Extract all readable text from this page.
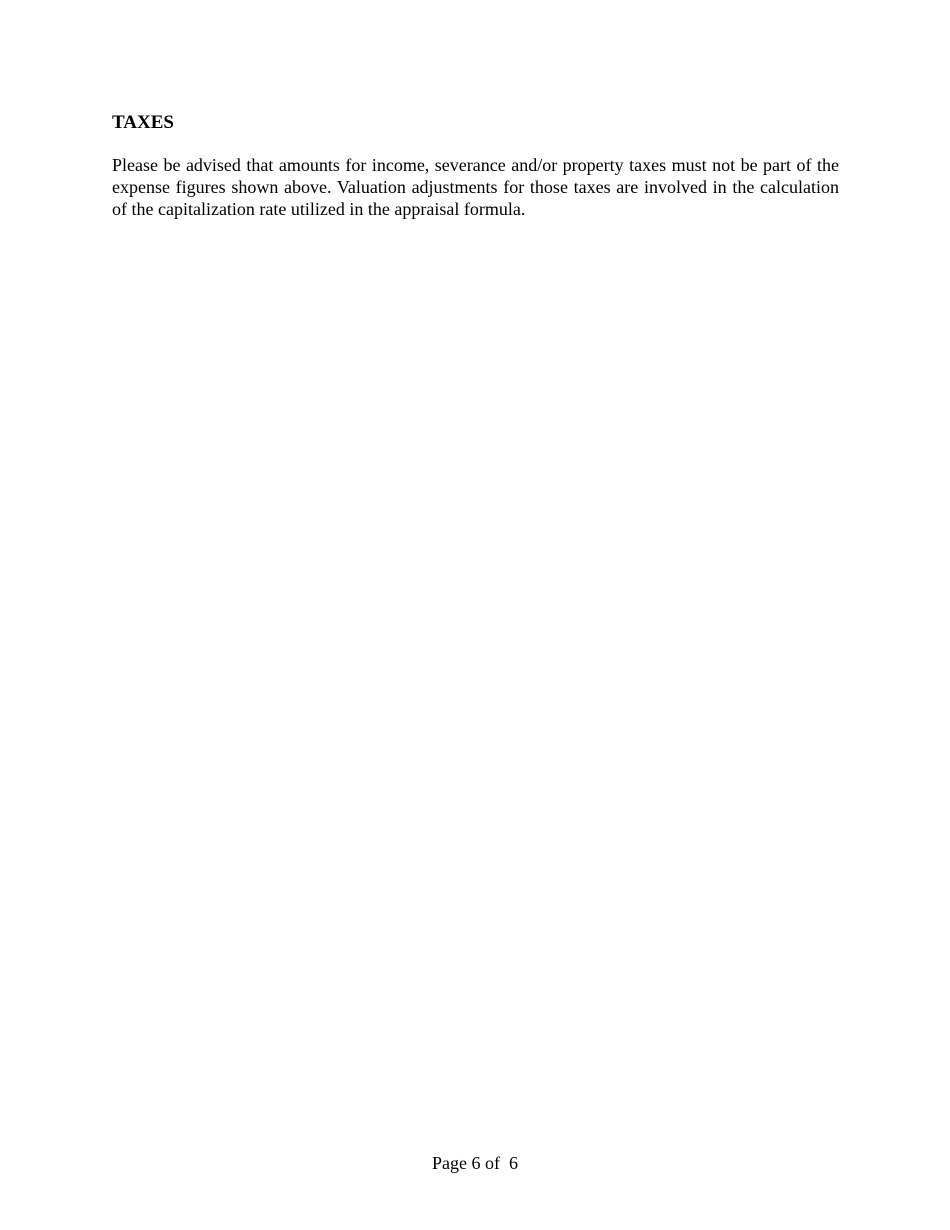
TAXES

Please be advised that amounts for income, severance and/or property taxes must not be part of the expense figures shown above. Valuation adjustments for those taxes are involved in the calculation of the capitalization rate utilized in the appraisal formula.

Page 6 of  6
